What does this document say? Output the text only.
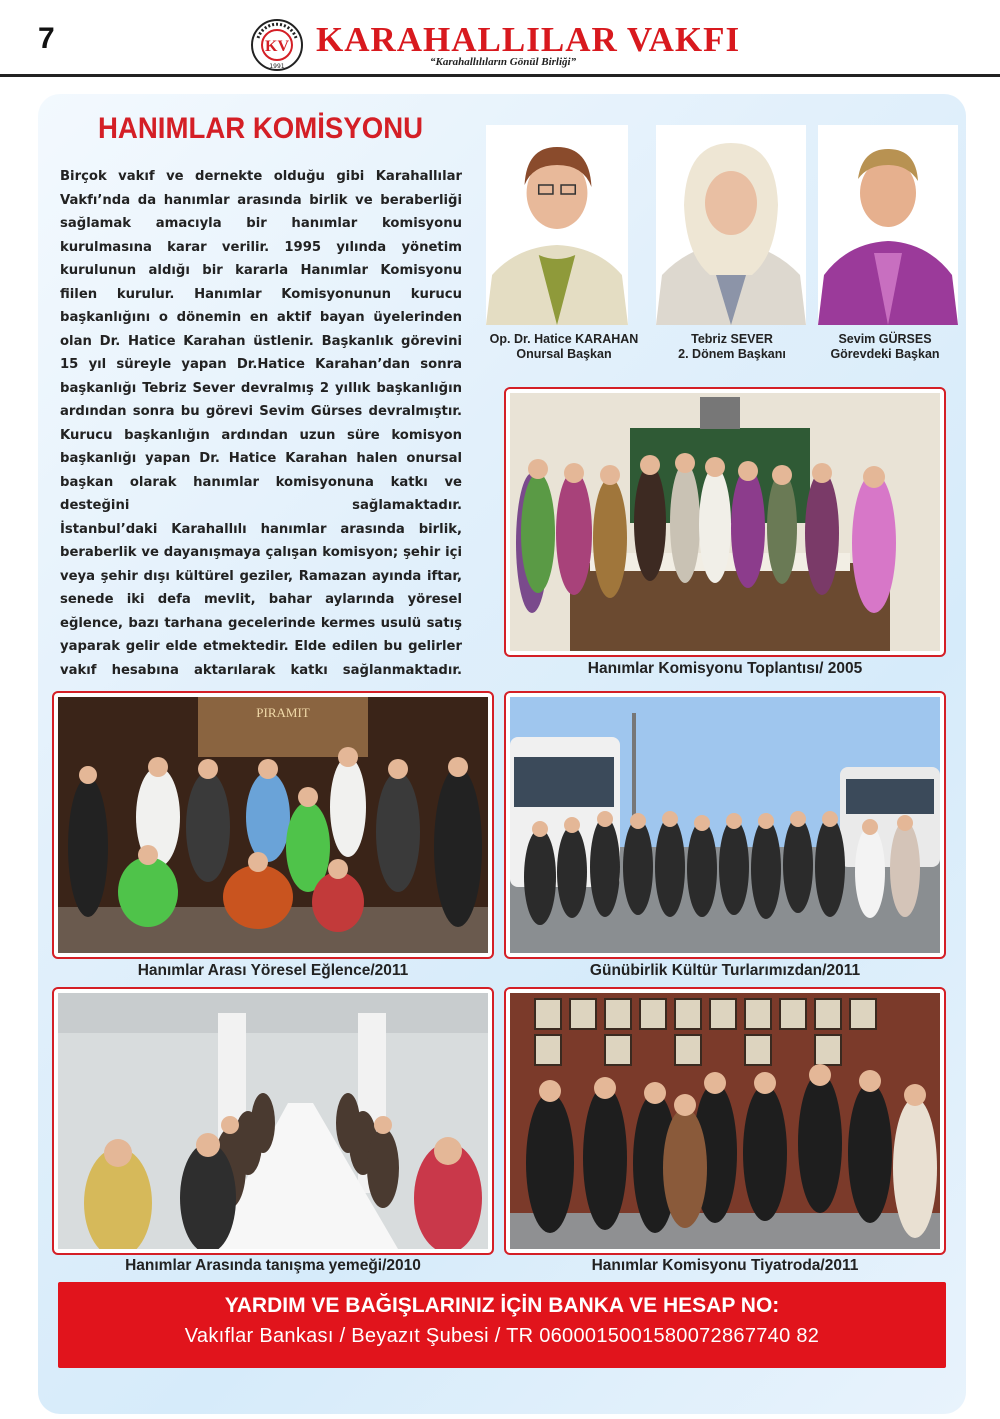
7	KV
1991
KARAHALLILAR VAKFI
“Karahallılıların Gönül Birliği”
HANIMLAR KOMİSYONU

Birçok vakıf ve dernekte olduğu gibi Karahallılar Vakfı’nda da hanımlar arasında birlik ve beraberliği sağlamak amacıyla bir hanımlar komisyonu kurulmasına karar verilir. 1995 yılında yönetim kurulunun aldığı bir kararla Hanımlar Komisyonu fiilen kurulur. Hanımlar Komisyonunun kurucu başkanlığını o dönemin en aktif bayan üyelerinden olan Dr. Hatice Karahan üstlenir. Başkanlık görevini 15 yıl süreyle yapan Dr.Hatice Karahan’dan sonra başkanlığı Tebriz Sever devralmış 2 yıllık başkanlığın ardından sonra bu görevi Sevim Gürses devralmıştır.

Kurucu başkanlığın ardından uzun süre komisyon başkanlığı yapan Dr. Hatice Karahan halen onursal başkan olarak hanımlar komisyonuna katkı ve desteğini sağlamaktadır.

İstanbul’daki Karahallılı hanımlar arasında birlik, beraberlik ve dayanışmaya çalışan komisyon; şehir içi veya şehir dışı kültürel geziler, Ramazan ayında iftar, senede iki defa mevlit, bahar aylarında yöresel eğlence, bazı tarhana gecelerinde kermes usulü satış yaparak gelir elde etmektedir. Elde edilen bu gelirler vakıf hesabına aktarılarak katkı sağlanmaktadır.

Op. Dr. Hatice KARAHAN
Onursal Başkan
Tebriz SEVER
2. Dönem Başkanı
Sevim GÜRSES
Görevdeki Başkan
Hanımlar Komisyonu Toplantısı/ 2005
PIRAMIT
Hanımlar Arası Yöresel Eğlence/2011	Günübirlik Kültür Turlarımızdan/2011
Hanımlar Arasında tanışma yemeği/2010	Hanımlar Komisyonu Tiyatroda/2011
YARDIM VE BAĞIŞLARINIZ İÇİN BANKA VE HESAP NO:
Vakıflar Bankası / Beyazıt Şubesi / TR 0600015001580072867740 82
